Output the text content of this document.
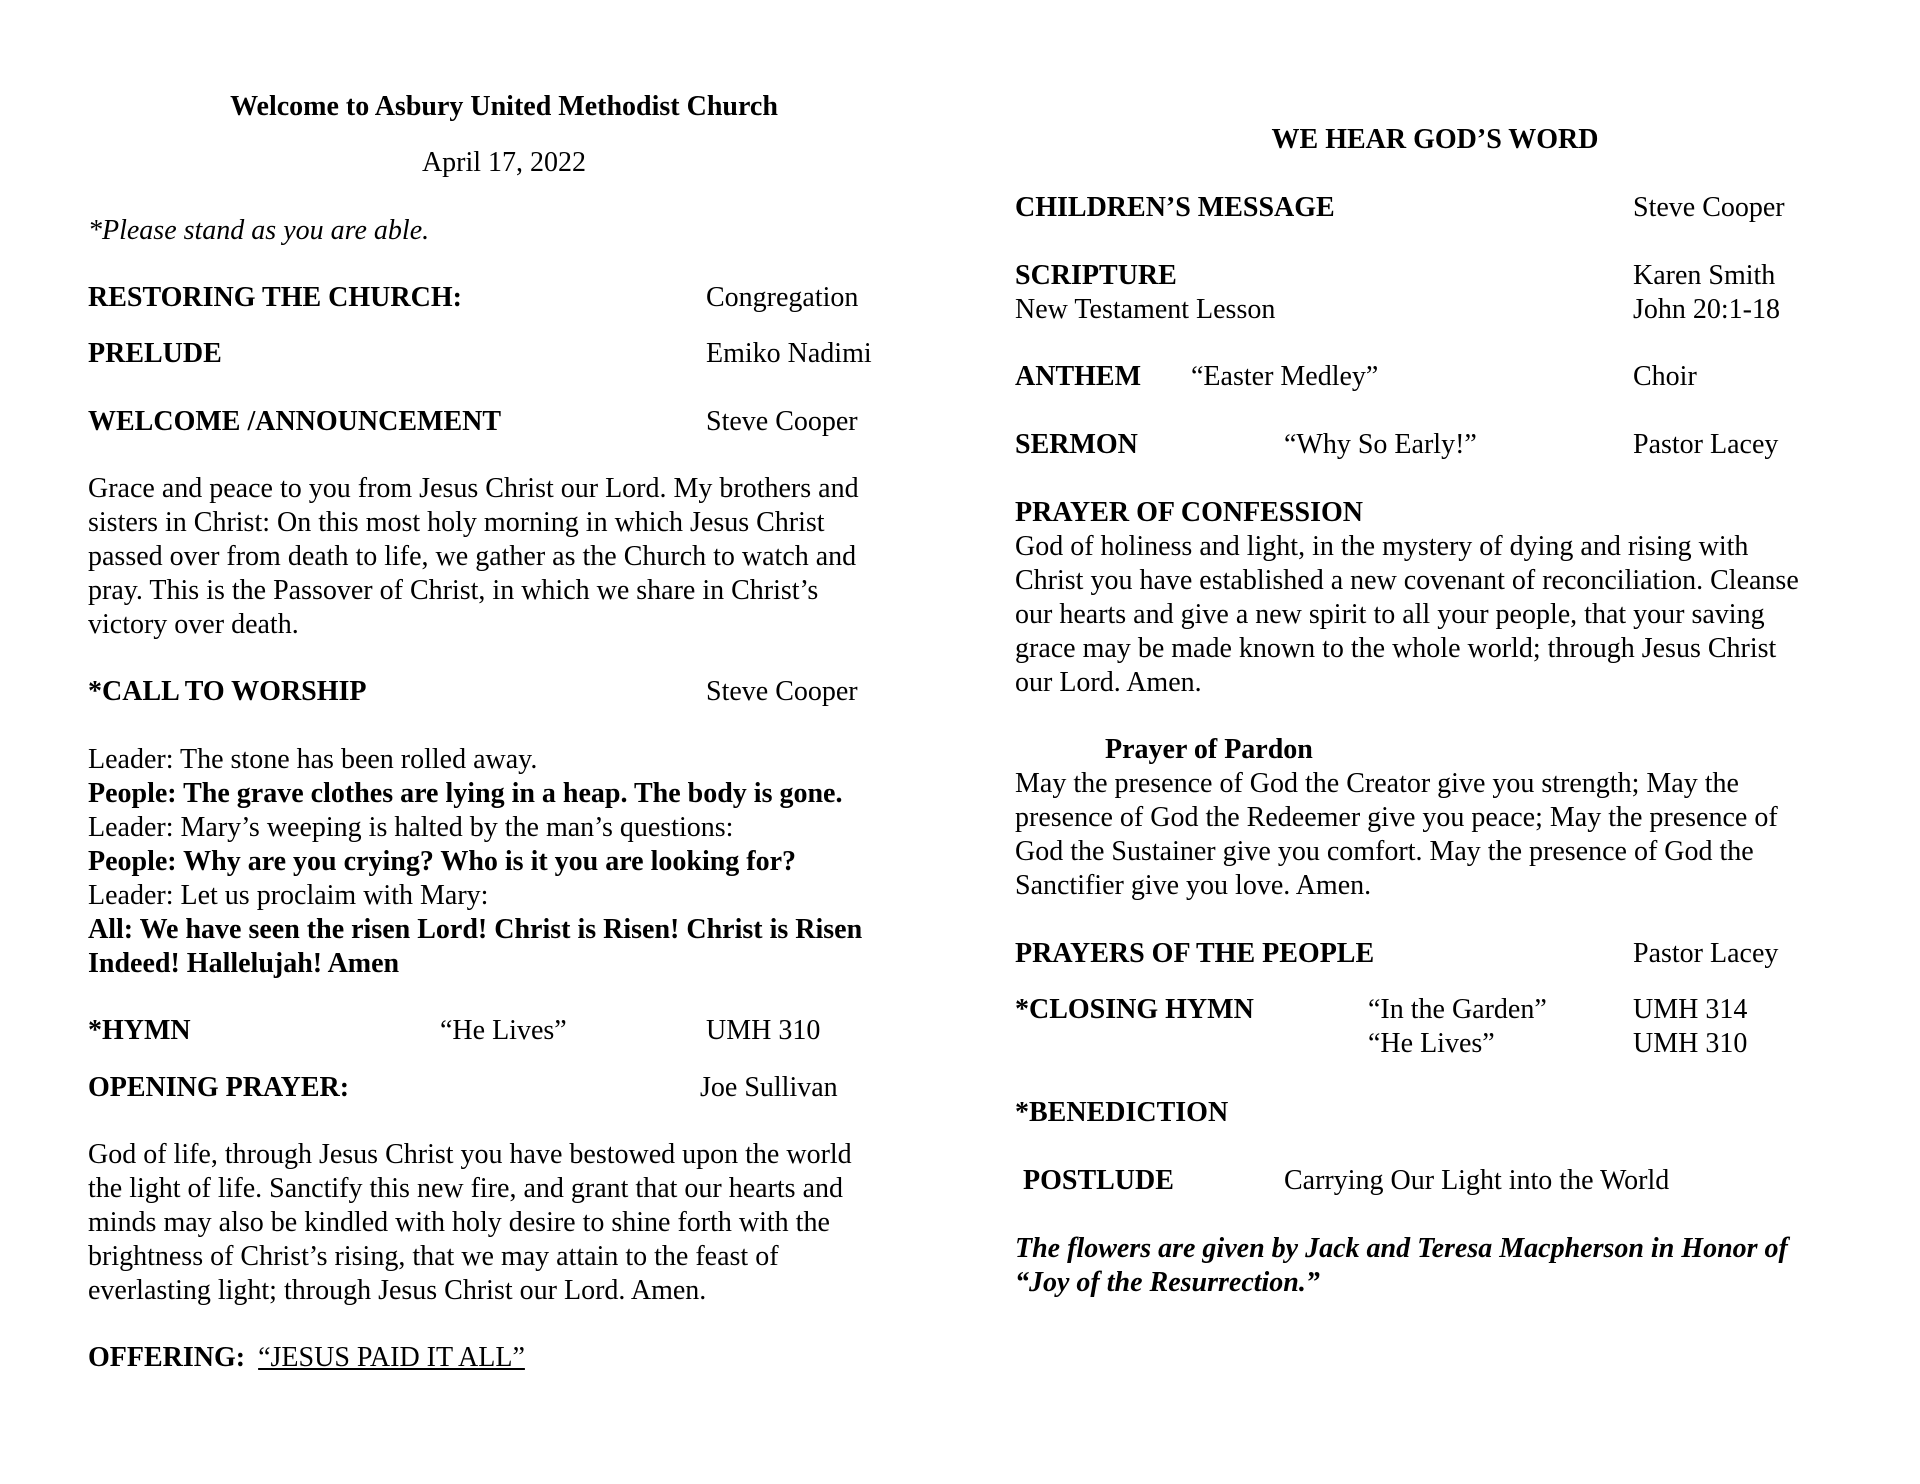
Welcome to Asbury United Methodist Church
April 17, 2022
*Please stand as you are able.
RESTORING THE CHURCH:	Congregation
PRELUDE	Emiko Nadimi
WELCOME /ANNOUNCEMENT	Steve Cooper
Grace and peace to you from Jesus Christ our Lord. My brothers and
sisters in Christ: On this most holy morning in which Jesus Christ
passed over from death to life, we gather as the Church to watch and
pray. This is the Passover of Christ, in which we share in Christ’s
victory over death.
*CALL TO WORSHIP	Steve Cooper
Leader: The stone has been rolled away.
People: The grave clothes are lying in a heap. The body is gone.
Leader: Mary’s weeping is halted by the man’s questions:
People: Why are you crying? Who is it you are looking for?
Leader: Let us proclaim with Mary:
All: We have seen the risen Lord! Christ is Risen! Christ is Risen
Indeed! Hallelujah! Amen
*HYMN	“He Lives”	UMH 310
OPENING PRAYER:	Joe Sullivan
God of life, through Jesus Christ you have bestowed upon the world
the light of life. Sanctify this new fire, and grant that our hearts and
minds may also be kindled with holy desire to shine forth with the
brightness of Christ’s rising, that we may attain to the feast of
everlasting light; through Jesus Christ our Lord. Amen.
OFFERING: “JESUS PAID IT ALL”
WE HEAR GOD’S WORD
CHILDREN’S MESSAGE	Steve Cooper
SCRIPTURE	Karen Smith
New Testament Lesson	John 20:1-18
ANTHEM “Easter Medley”	Choir
SERMON	“Why So Early!”	Pastor Lacey
PRAYER OF CONFESSION
God of holiness and light, in the mystery of dying and rising with
Christ you have established a new covenant of reconciliation. Cleanse
our hearts and give a new spirit to all your people, that your saving
grace may be made known to the whole world; through Jesus Christ
our Lord. Amen.
Prayer of Pardon
May the presence of God the Creator give you strength; May the
presence of God the Redeemer give you peace; May the presence of
God the Sustainer give you comfort. May the presence of God the
Sanctifier give you love. Amen.
PRAYERS OF THE PEOPLE	Pastor Lacey
*CLOSING HYMN	“In the Garden”	UMH 314
“He Lives”	UMH 310
*BENEDICTION
POSTLUDE	Carrying Our Light into the World
The flowers are given by Jack and Teresa Macpherson in Honor of
“Joy of the Resurrection.”
